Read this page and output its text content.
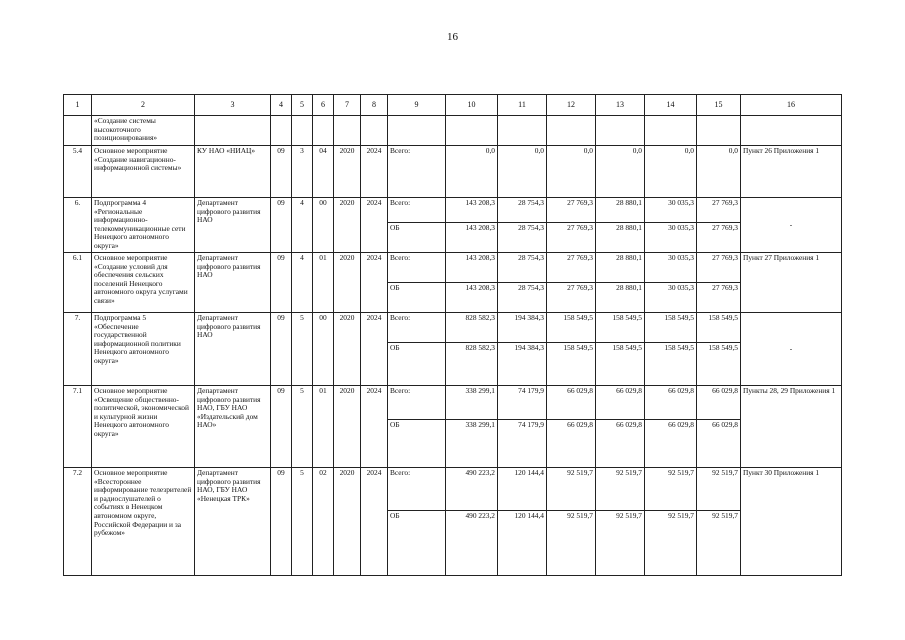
16
1	2	3	4	5	6	7	8	9	10	11	12	13	14	15	16
	«Создание системы высокоточного позиционирования»														
5.4	Основное мероприятие «Создание навигационно-информационной системы»	КУ НАО «НИАЦ»	09	3	04	2020	2024	Всего:	0,0	0,0	0,0	0,0	0,0	0,0	Пункт 26 Приложения 1
6.	Подпрограмма 4 «Региональные информационно-телекоммуникационные сети Ненецкого автономного округа»	Департамент цифрового развития НАО	09	4	00	2020	2024	Всего:	143 208,3	28 754,3	27 769,3	28 880,1	30 035,3	27 769,3	-
								ОБ	143 208,3	28 754,3	27 769,3	28 880,1	30 035,3	27 769,3	
6.1	Основное мероприятие «Создание условий для обеспечения сельских поселений Ненецкого автономного округа услугами связи»	Департамент цифрового развития НАО	09	4	01	2020	2024	Всего:	143 208,3	28 754,3	27 769,3	28 880,1	30 035,3	27 769,3	Пункт 27 Приложения 1
								ОБ	143 208,3	28 754,3	27 769,3	28 880,1	30 035,3	27 769,3	
7.	Подпрограмма 5 «Обеспечение государственной информационной политики Ненецкого автономного округа»	Департамент цифрового развития НАО	09	5	00	2020	2024	Всего:	828 582,3	194 384,3	158 549,5	158 549,5	158 549,5	158 549,5	-
								ОБ	828 582,3	194 384,3	158 549,5	158 549,5	158 549,5	158 549,5	
7.1	Основное мероприятие «Освещение общественно-политической, экономической и культурной жизни Ненецкого автономного округа»	Департамент цифрового развития НАО, ГБУ НАО «Издательский дом НАО»	09	5	01	2020	2024	Всего:	338 299,1	74 179,9	66 029,8	66 029,8	66 029,8	66 029,8	Пункты 28, 29 Приложения 1
								ОБ	338 299,1	74 179,9	66 029,8	66 029,8	66 029,8	66 029,8	
7.2	Основное мероприятие «Всестороннее информирование телезрителей и радиослушателей о событиях в Ненецком автономном округе, Российской Федерации и за рубежом»	Департамент цифрового развития НАО, ГБУ НАО «Ненецкая ТРК»	09	5	02	2020	2024	Всего:	490 223,2	120 144,4	92 519,7	92 519,7	92 519,7	92 519,7	Пункт 30 Приложения 1
								ОБ	490 223,2	120 144,4	92 519,7	92 519,7	92 519,7	92 519,7	
